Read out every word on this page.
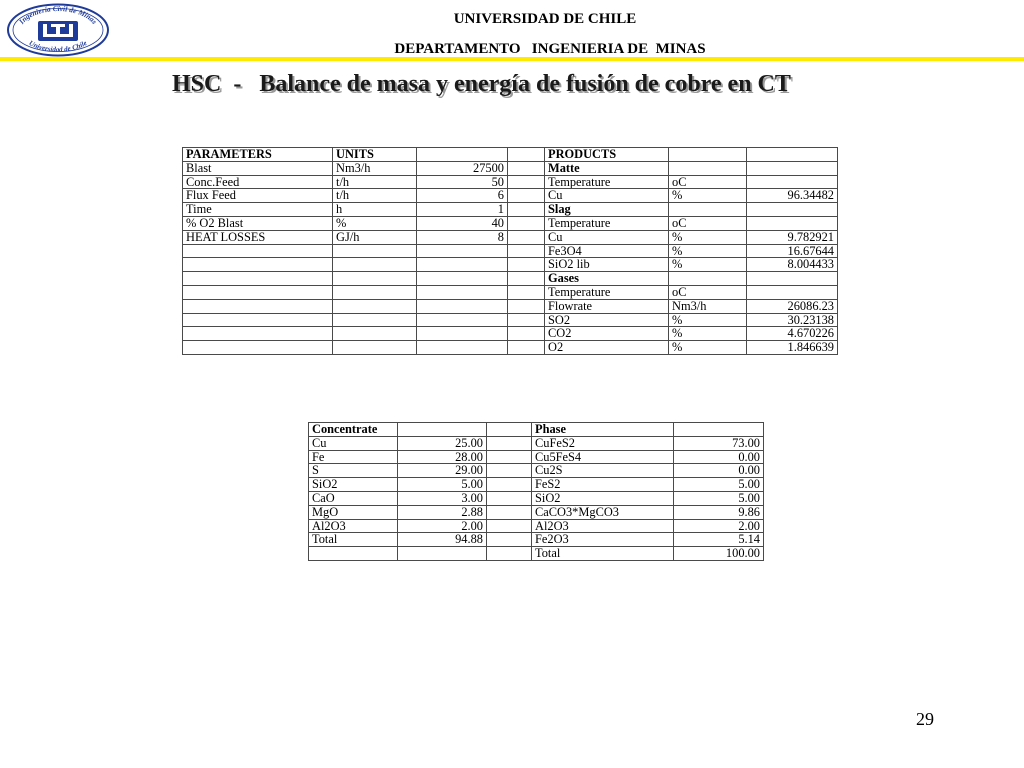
Ingeniería Civil de Minas
Universidad de Chile
UNIVERSIDAD DE CHILE
DEPARTAMENTO   INGENIERIA DE  MINAS
HSC  -   Balance de masa y energía de fusión de cobre en CT
PARAMETERS	UNITS			PRODUCTS		
Blast	Nm3/h	27500		Matte		
Conc.Feed	t/h	50		Temperature	oC	
Flux Feed	t/h	6		Cu	%	96.34482
Time	h	1		Slag		
% O2 Blast	%	40		Temperature	oC	
HEAT LOSSES	GJ/h	8		Cu	%	9.782921
				Fe3O4	%	16.67644
				SiO2 lib	%	8.004433
				Gases		
				Temperature	oC	
				Flowrate	Nm3/h	26086.23
				SO2	%	30.23138
				CO2	%	4.670226
				O2	%	1.846639
Concentrate			Phase	
Cu	25.00		CuFeS2	73.00
Fe	28.00		Cu5FeS4	0.00
S	29.00		Cu2S	0.00
SiO2	5.00		FeS2	5.00
CaO	3.00		SiO2	5.00
MgO	2.88		CaCO3*MgCO3	9.86
Al2O3	2.00		Al2O3	2.00
Total	94.88		Fe2O3	5.14
			Total	100.00
29
